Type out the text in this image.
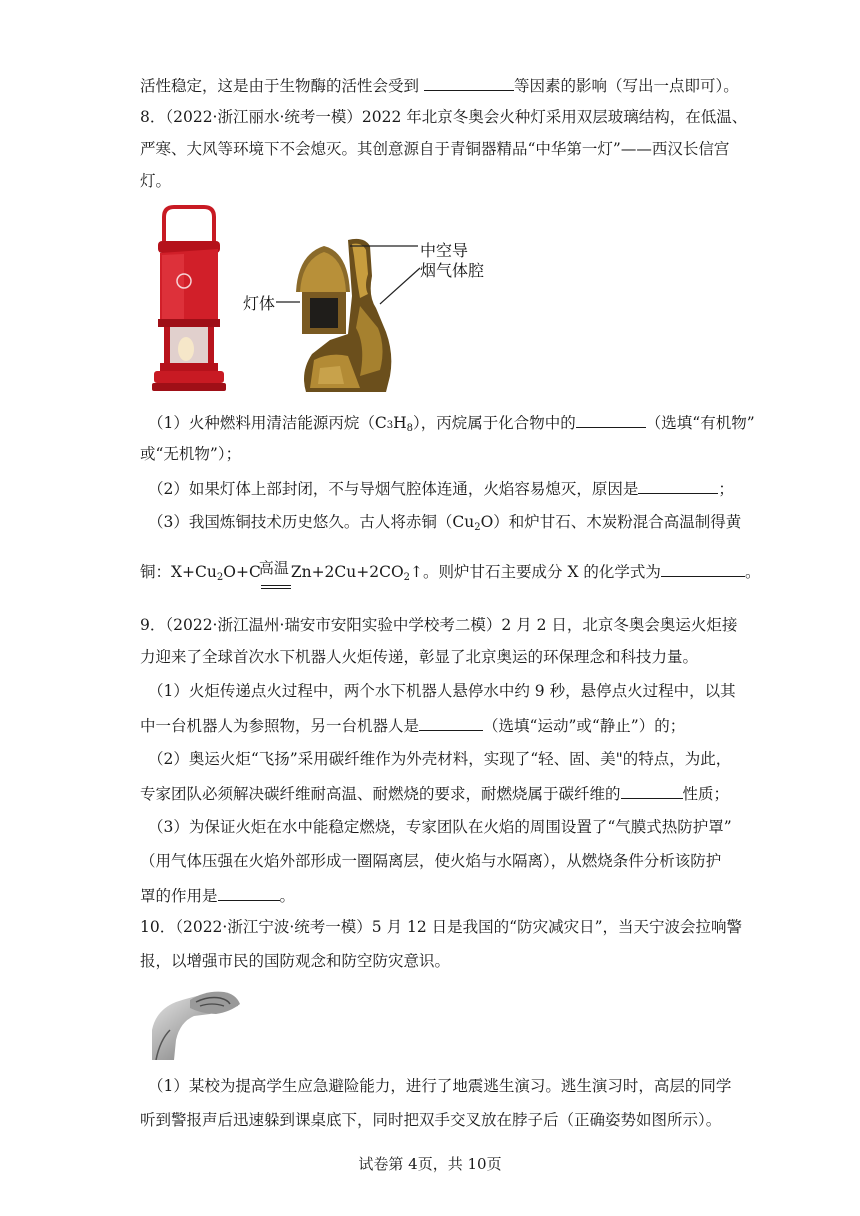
活性稳定，这是由于生物酶的活性会受到	等因素的影响（写出一点即可）。
8．（2022·浙江丽水·统考一模）2022 年北京冬奥会火种灯采用双层玻璃结构，在低温、
严寒、大风等环境下不会熄灭。其创意源自于青铜器精品“中华第一灯”——西汉长信宫
灯。
中空导
烟气体腔
灯体
（1）火种燃料用清洁能源丙烷$(C3H_8)$，丙烷属于化合物中的	（选填“有机物”
或“无机物”）；
（2）如果灯体上部封闭，不与导烟气腔体连通，火焰容易熄灭，原因是	；
（3）我国炼铜技术历史悠久。古人将赤铜$(Cu_2O)$和炉甘石、木炭粉混合高温制得黄
铜：$X+Cu_2O+C$
高温 $Zn+2Cu+2CO_2↑$。则炉甘石主要成分 X 的化学式为	。
9．（2022·浙江温州·瑞安市安阳实验中学校考二模）2 月 2 日，北京冬奥会奥运火炬接
力迎来了全球首次水下机器人火炬传递，彰显了北京奥运的环保理念和科技力量。
（1）火炬传递点火过程中，两个水下机器人悬停水中约 9 秒，悬停点火过程中，以其
中一台机器人为参照物，另一台机器人是	（选填“运动”或“静止”）的；
（2）奥运火炬“飞扬”采用碳纤维作为外壳材料，实现了“轻、固、美"的特点，为此，
专家团队必须解决碳纤维耐高温、耐燃烧的要求，耐燃烧属于碳纤维的	性质；
（3）为保证火炬在水中能稳定燃烧，专家团队在火焰的周围设置了“气膜式热防护罩”
（用气体压强在火焰外部形成一圈隔离层，使火焰与水隔离），从燃烧条件分析该防护
罩的作用是	。
10．（2022·浙江宁波·统考一模）5 月 12 日是我国的“防灾减灾日”，当天宁波会拉响警
报，以增强市民的国防观念和防空防灾意识。
（1）某校为提高学生应急避险能力，进行了地震逃生演习。逃生演习时，高层的同学
听到警报声后迅速躲到课桌底下，同时把双手交叉放在脖子后（正确姿势如图所示）。
试卷第 4页，共 10页
